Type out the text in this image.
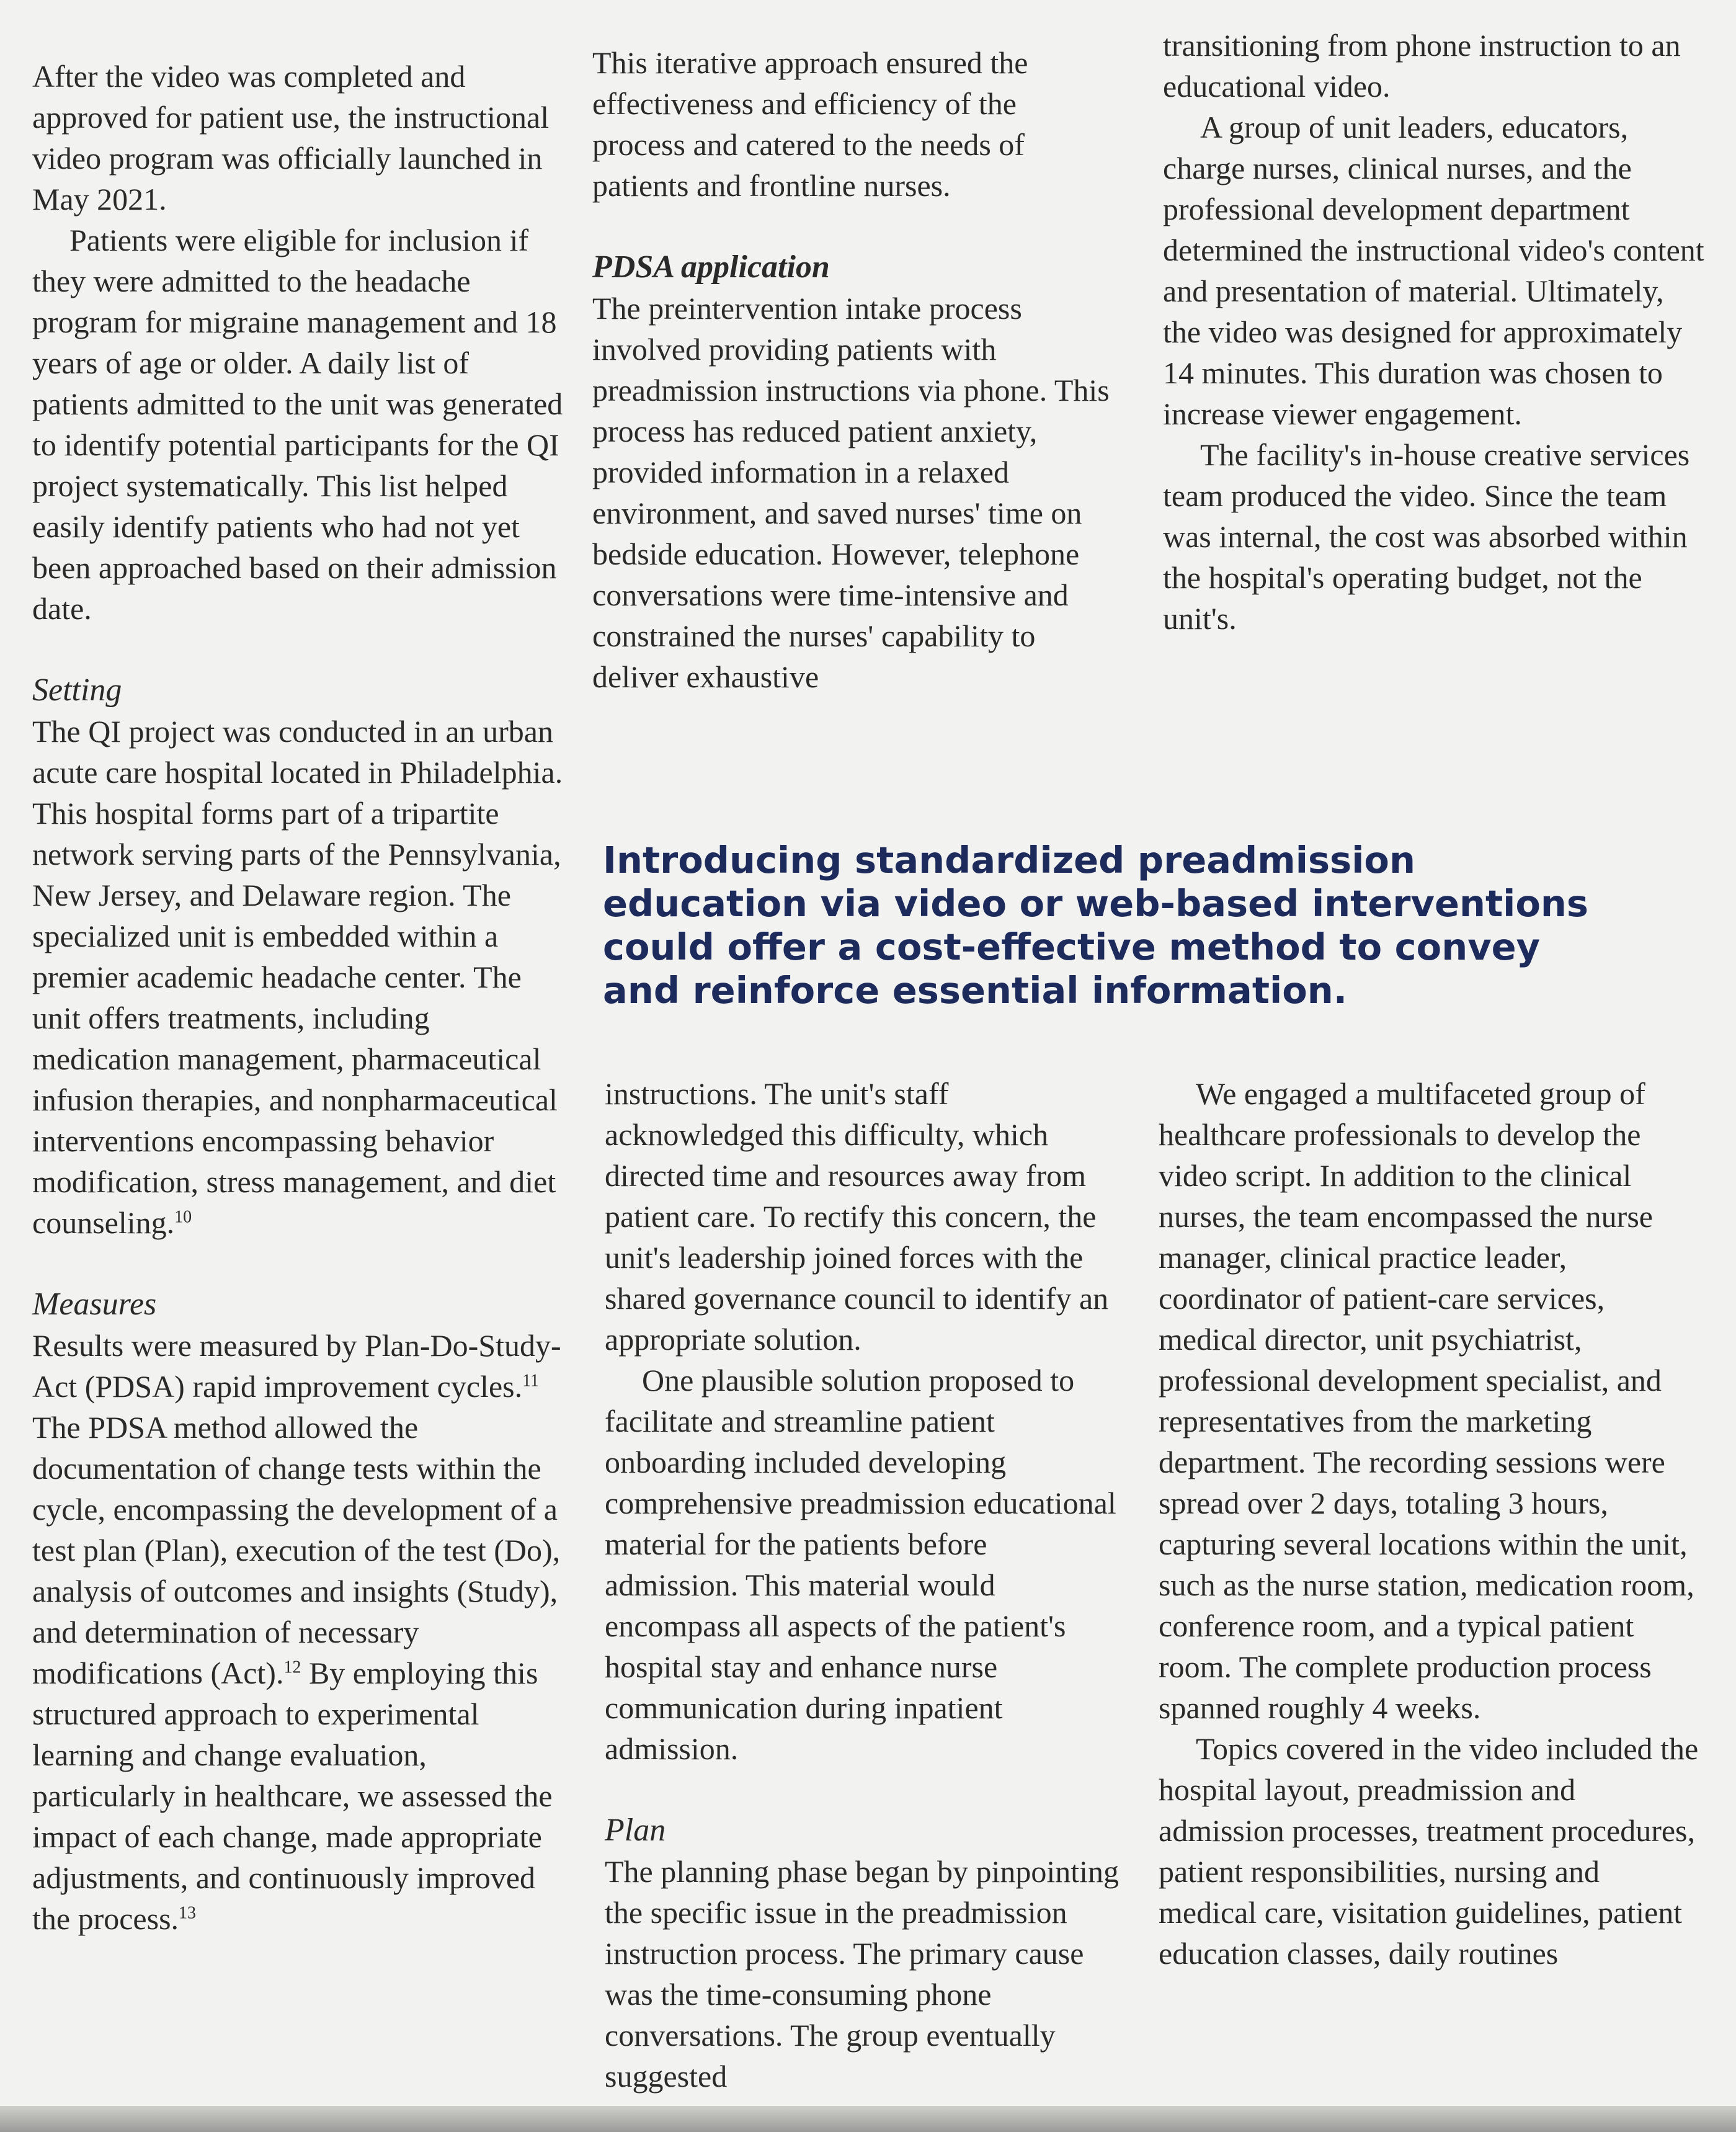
After the video was completed and approved for patient use, the instructional video program was officially launched in May 2021.

Patients were eligible for inclusion if they were admitted to the headache program for migraine management and 18 years of age or older. A daily list of patients admitted to the unit was generated to identify potential participants for the QI project systematically. This list helped easily identify patients who had not yet been approached based on their admission date.

Setting

The QI project was conducted in an urban acute care hospital located in Philadelphia. This hospital forms part of a tripartite network serving parts of the Pennsylvania, New Jersey, and Delaware region. The specialized unit is embedded within a premier academic headache center. The unit offers treatments, including medication management, pharmaceutical infusion therapies, and nonpharmaceutical interventions encompassing behavior modification, stress management, and diet counseling.$^{10}$

Measures

Results were measured by Plan-Do-Study-Act (PDSA) rapid improvement cycles.$^{11}$ The PDSA method allowed the documentation of change tests within the cycle, encompassing the development of a test plan (Plan), execution of the test (Do), analysis of outcomes and insights (Study), and determination of necessary modifications (Act).$^{12}$ By employing this structured approach to experimental learning and change evaluation, particularly in healthcare, we assessed the impact of each change, made appropriate adjustments, and continuously improved the process.$^{13}$

This iterative approach ensured the effectiveness and efficiency of the process and catered to the needs of patients and frontline nurses.

PDSA application

The preintervention intake process involved providing patients with preadmission instructions via phone. This process has reduced patient anxiety, provided information in a relaxed environment, and saved nurses' time on bedside education. However, telephone conversations were time-intensive and constrained the nurses' capability to deliver exhaustive

transitioning from phone instruction to an educational video.

A group of unit leaders, educators, charge nurses, clinical nurses, and the professional development department determined the instructional video's content and presentation of material. Ultimately, the video was designed for approximately 14 minutes. This duration was chosen to increase viewer engagement.

The facility's in-house creative services team produced the video. Since the team was internal, the cost was absorbed within the hospital's operating budget, not the unit's.

Introducing standardized preadmission education via video or web-based interventions could offer a cost-effective method to convey and reinforce essential information.

instructions. The unit's staff acknowledged this difficulty, which directed time and resources away from patient care. To rectify this concern, the unit's leadership joined forces with the shared governance council to identify an appropriate solution.

One plausible solution proposed to facilitate and streamline patient onboarding included developing comprehensive preadmission educational material for the patients before admission. This material would encompass all aspects of the patient's hospital stay and enhance nurse communication during inpatient admission.

Plan

The planning phase began by pinpointing the specific issue in the preadmission instruction process. The primary cause was the time-consuming phone conversations. The group eventually suggested

We engaged a multifaceted group of healthcare professionals to develop the video script. In addition to the clinical nurses, the team encompassed the nurse manager, clinical practice leader, coordinator of patient-care services, medical director, unit psychiatrist, professional development specialist, and representatives from the marketing department. The recording sessions were spread over 2 days, totaling 3 hours, capturing several locations within the unit, such as the nurse station, medication room, conference room, and a typical patient room. The complete production process spanned roughly 4 weeks.

Topics covered in the video included the hospital layout, preadmission and admission processes, treatment procedures, patient responsibilities, nursing and medical care, visitation guidelines, patient education classes, daily routines
